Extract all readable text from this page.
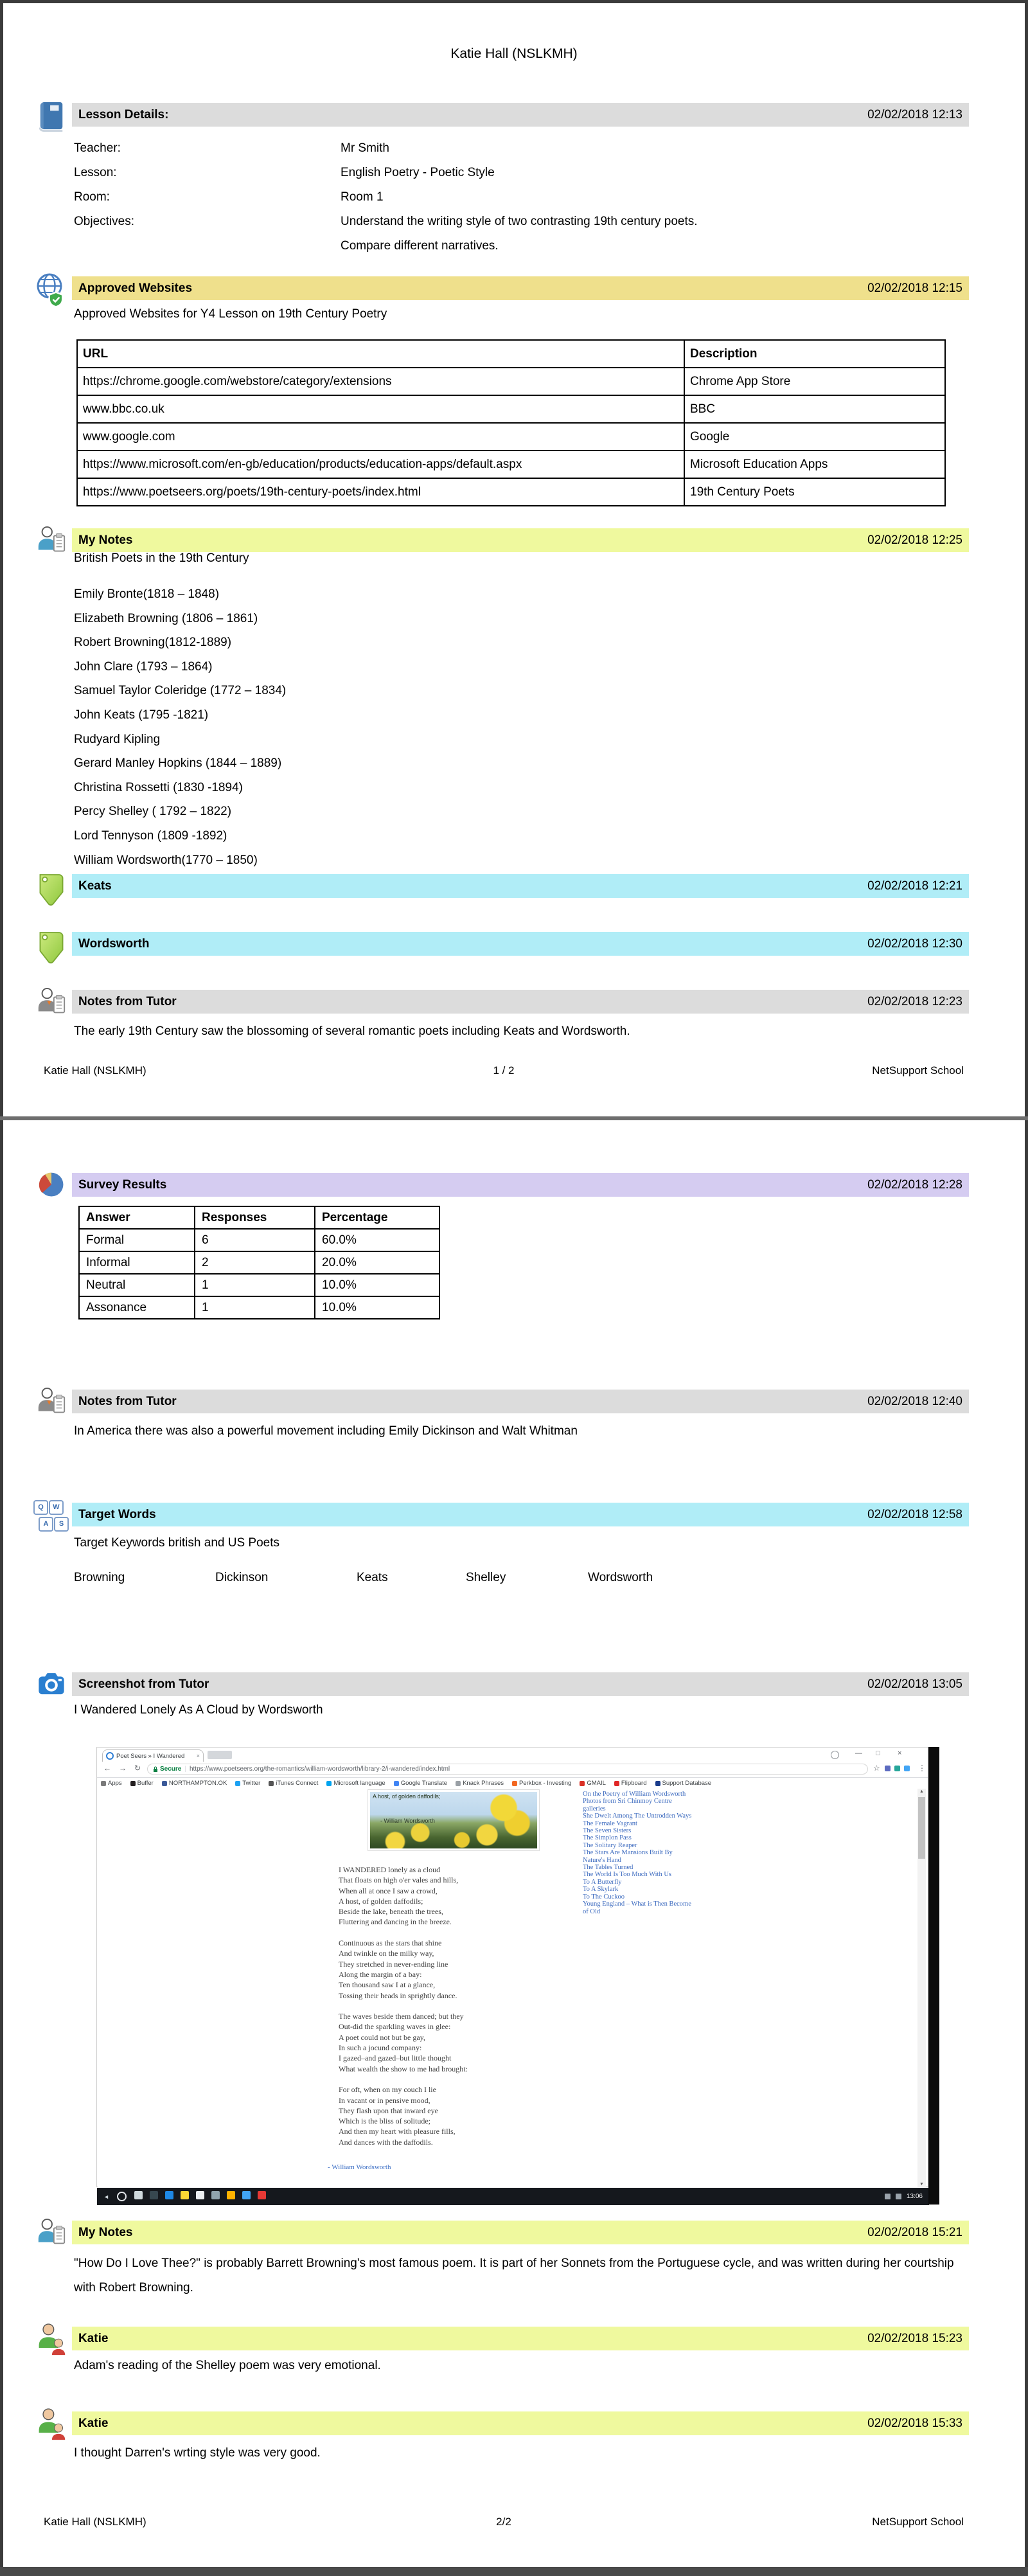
Katie Hall (NSLKMH)
Lesson Details:	02/02/2018 12:13
Teacher:	Mr Smith
Lesson:	English Poetry - Poetic Style
Room:	Room 1
Objectives:	Understand the writing style of two contrasting 19th century poets.
Compare different narratives.
Approved Websites	02/02/2018 12:15
Approved Websites for Y4 Lesson on 19th Century Poetry
URL	Description
https://chrome.google.com/webstore/category/extensions	Chrome App Store
www.bbc.co.uk	BBC
www.google.com	Google
https://www.microsoft.com/en-gb/education/products/education-apps/default.aspx	Microsoft Education Apps
https://www.poetseers.org/poets/19th-century-poets/index.html	19th Century Poets
My Notes	02/02/2018 12:25
British Poets in the 19th Century
Emily Bronte(1818 – 1848)
Elizabeth Browning (1806 – 1861)
Robert Browning(1812-1889)
John Clare (1793 – 1864)
Samuel Taylor Coleridge (1772 – 1834)
John Keats (1795 -1821)
Rudyard Kipling
Gerard Manley Hopkins (1844 – 1889)
Christina Rossetti (1830 -1894)
Percy Shelley ( 1792 – 1822)
Lord Tennyson (1809 -1892)
William Wordsworth(1770 – 1850)
Keats	02/02/2018 12:21
Wordsworth	02/02/2018 12:30
Notes from Tutor	02/02/2018 12:23
The early 19th Century saw the blossoming of several romantic poets including Keats and Wordsworth.
Katie Hall (NSLKMH)	1 / 2	NetSupport School
Survey Results	02/02/2018 12:28
Answer	Responses	Percentage
Formal	6	60.0%
Informal	2	20.0%
Neutral	1	10.0%
Assonance	1	10.0%
Notes from Tutor	02/02/2018 12:40
In America there was also a powerful movement including Emily Dickinson and Walt Whitman
Q	W
A	S
Target Words	02/02/2018 12:58
Target Keywords british and US Poets
Browning	Dickinson	Keats	Shelley	Wordsworth
Screenshot from Tutor	02/02/2018 13:05
I Wandered Lonely As A Cloud by Wordsworth
Poet Seers » I Wandered ×	— □ ×
← → ↻	Secure | https://www.poetseers.org/the-romantics/william-wordsworth/library-2/i-wandered/index.html	☆	⋮
Apps	Buffer	NORTHAMPTON.OK	Twitter	iTunes Connect	Microsoft language	Google Translate	Knack Phrases	Perkbox - Investing	GMAIL	Flipboard	Support Database
A host, of golden daffodils;
- William Wordsworth
I WANDERED lonely as a cloud
That floats on high o'er vales and hills,
When all at once I saw a crowd,
A host, of golden daffodils;
Beside the lake, beneath the trees,
Fluttering and dancing in the breeze.
Continuous as the stars that shine
And twinkle on the milky way,
They stretched in never-ending line
Along the margin of a bay:
Ten thousand saw I at a glance,
Tossing their heads in sprightly dance.
The waves beside them danced; but they
Out-did the sparkling waves in glee:
A poet could not but be gay,
In such a jocund company:
I gazed–and gazed–but little thought
What wealth the show to me had brought:
For oft, when on my couch I lie
In vacant or in pensive mood,
They flash upon that inward eye
Which is the bliss of solitude;
And then my heart with pleasure fills,
And dances with the daffodils.
- William Wordsworth
On the Poetry of William Wordsworth
Photos from Sri Chinmoy Centre
galleries
She Dwelt Among The Untrodden Ways
The Female Vagrant
The Seven Sisters
The Simplon Pass
The Solitary Reaper
The Stars Are Mansions Built By
Nature's Hand
The Tables Turned
The World Is Too Much With Us
To A Butterfly
To A Skylark
To The Cuckoo
Young England – What is Then Become
of Old
▲
▼
◄	13:06
My Notes	02/02/2018 15:21
"How Do I Love Thee?" is probably Barrett Browning's most famous poem. It is part of her Sonnets from the Portuguese cycle, and was written during her courtship with Robert Browning.
Katie	02/02/2018 15:23
Adam's reading of the Shelley poem was very emotional.
Katie	02/02/2018 15:33
I thought Darren's wrting style was very good.
Katie Hall (NSLKMH)	2/2	NetSupport School
